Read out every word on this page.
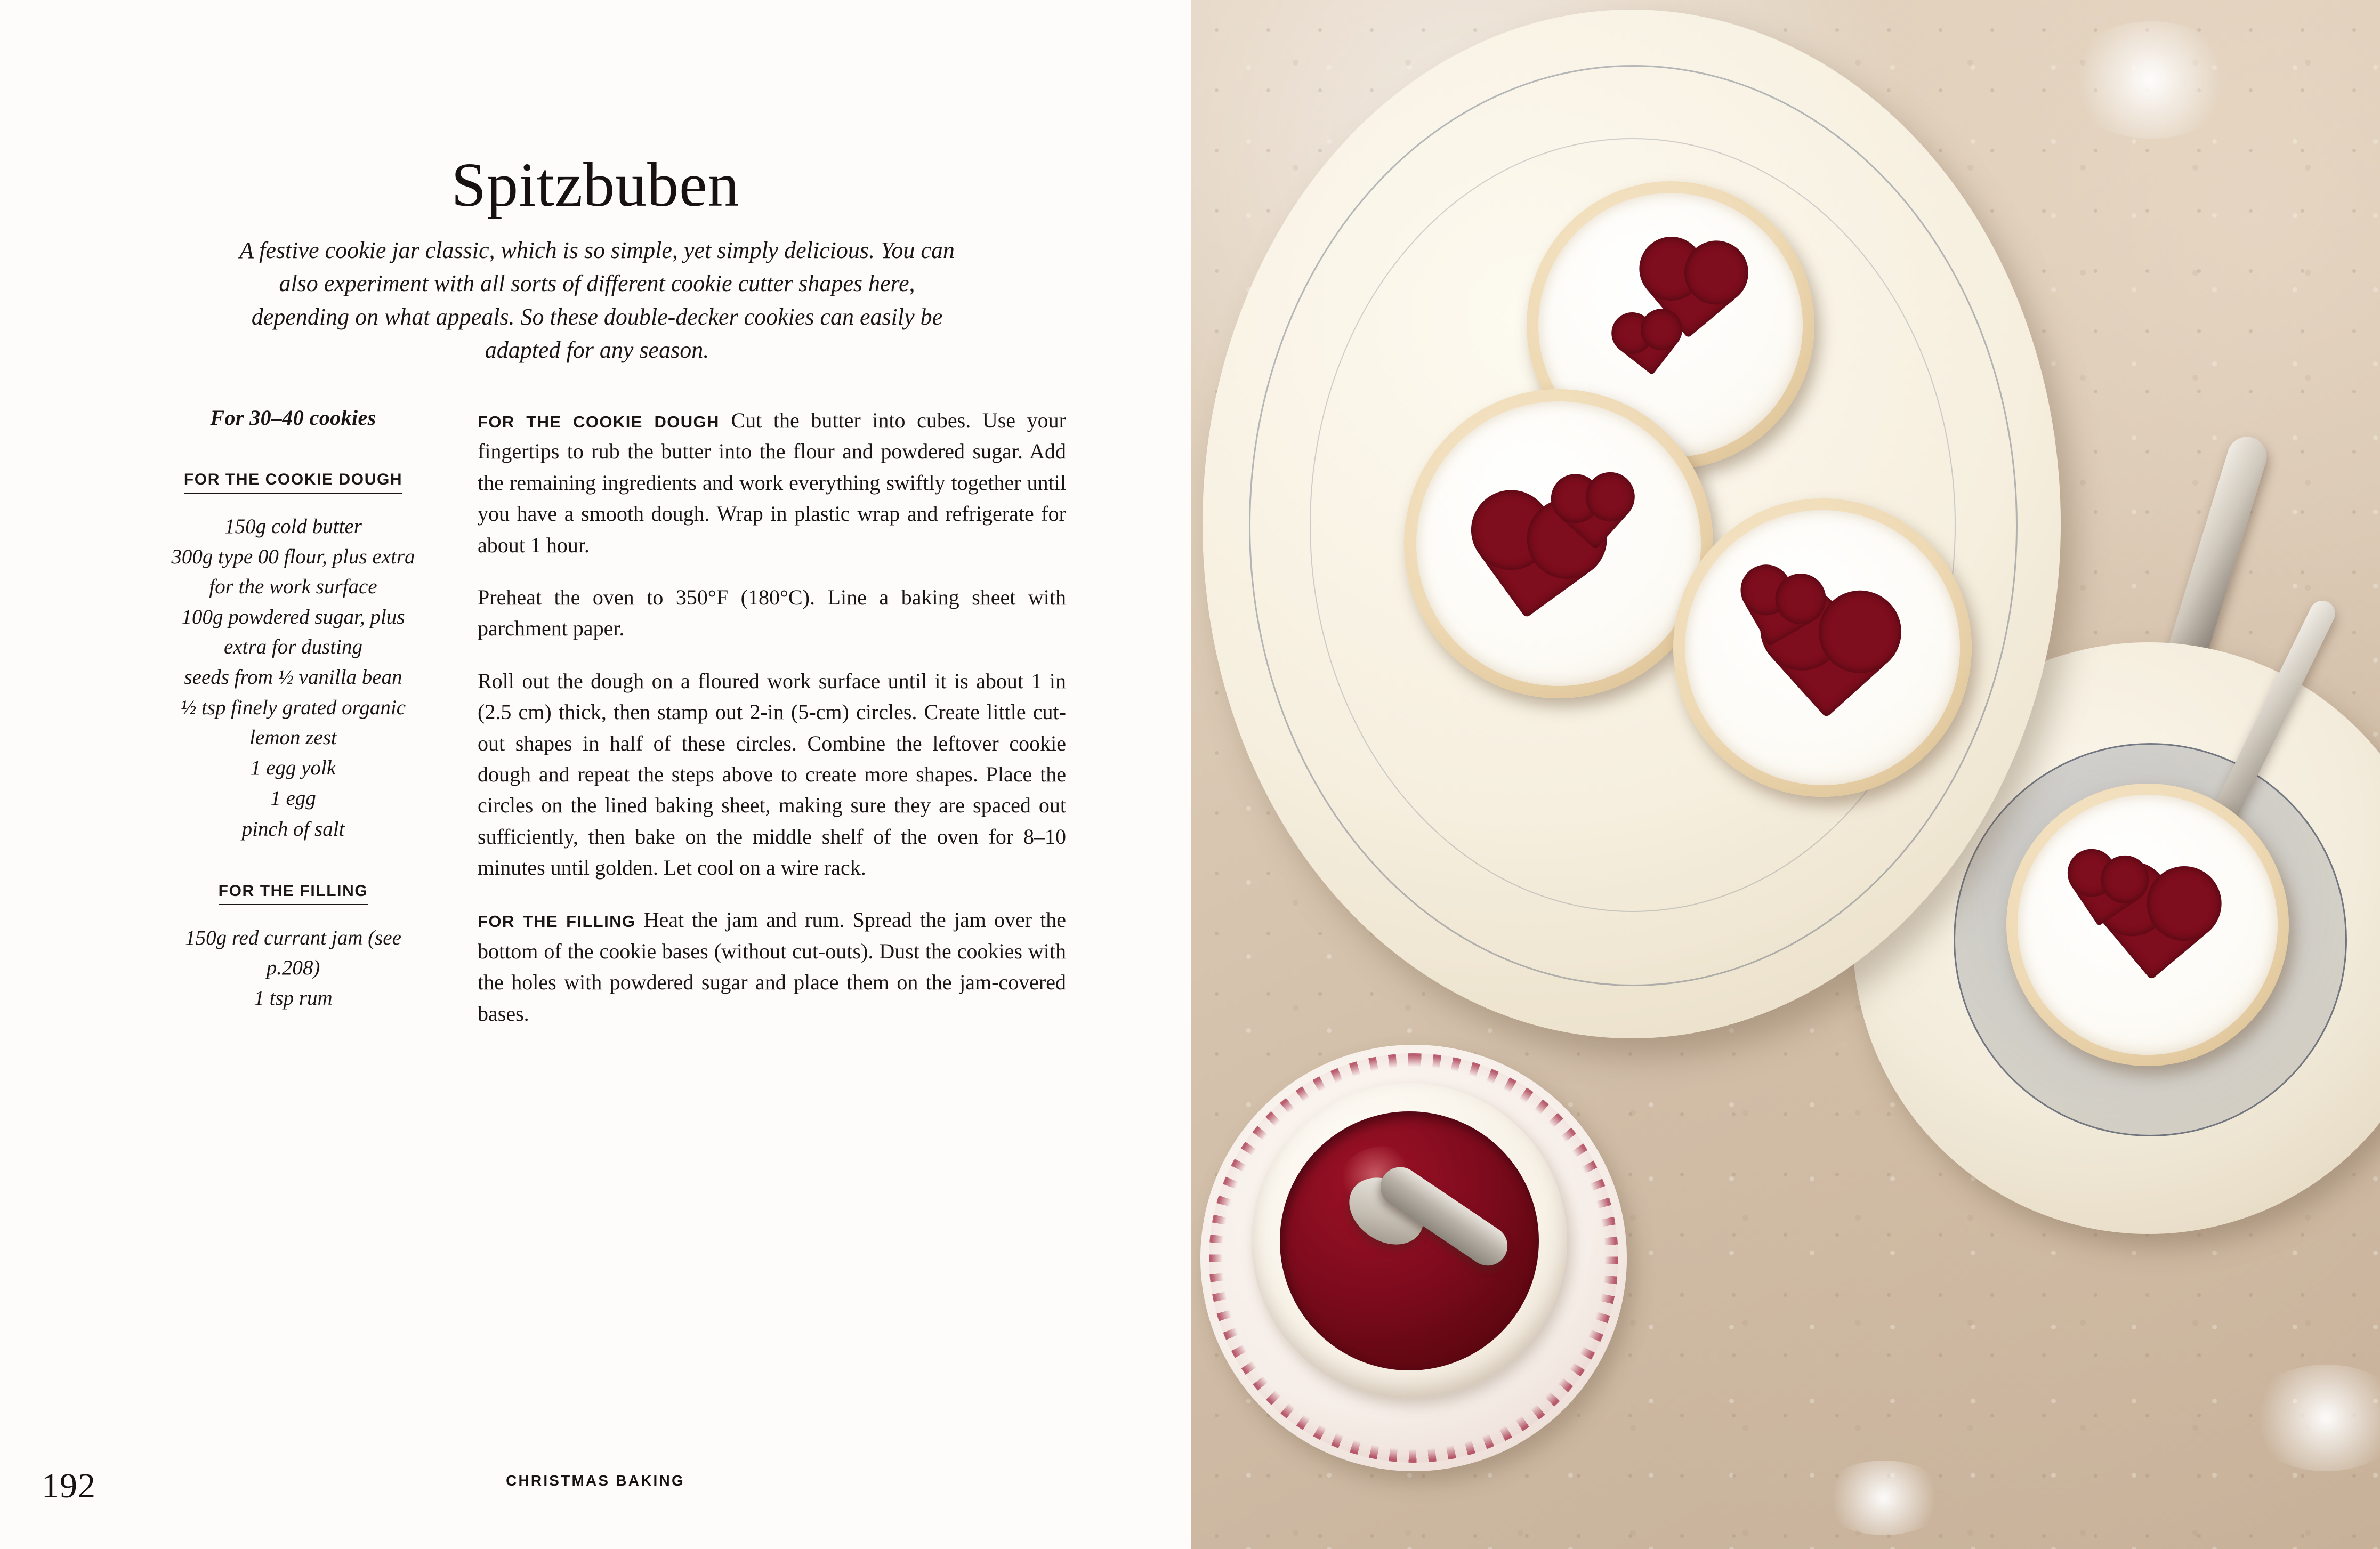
Spitzbuben

A festive cookie jar classic, which is so simple, yet simply delicious. You can also experiment with all sorts of different cookie cutter shapes here, depending on what appeals. So these double-decker cookies can easily be adapted for any season.

For 30–40 cookies
FOR THE COOKIE DOUGH
150g cold butter
300g type 00 flour, plus extra for the work surface
100g powdered sugar, plus extra for dusting
seeds from ½ vanilla bean
½ tsp finely grated organic lemon zest
1 egg yolk
1 egg
pinch of salt
FOR THE FILLING
150g red currant jam (see p.208)
1 tsp rum

FOR THE COOKIE DOUGH Cut the butter into cubes. Use your fingertips to rub the butter into the flour and powdered sugar. Add the remaining ingredients and work everything swiftly together until you have a smooth dough. Wrap in plastic wrap and refrigerate for about 1 hour.

Preheat the oven to 350°F (180°C). Line a baking sheet with parchment paper.

Roll out the dough on a floured work surface until it is about 1 in (2.5 cm) thick, then stamp out 2-in (5-cm) circles. Create little cut-out shapes in half of these circles. Combine the leftover cookie dough and repeat the steps above to create more shapes. Place the circles on the lined baking sheet, making sure they are spaced out sufficiently, then bake on the middle shelf of the oven for 8–10 minutes until golden. Let cool on a wire rack.

FOR THE FILLING Heat the jam and rum. Spread the jam over the bottom of the cookie bases (without cut-outs). Dust the cookies with the holes with powdered sugar and place them on the jam-covered bases.

192	CHRISTMAS BAKING
